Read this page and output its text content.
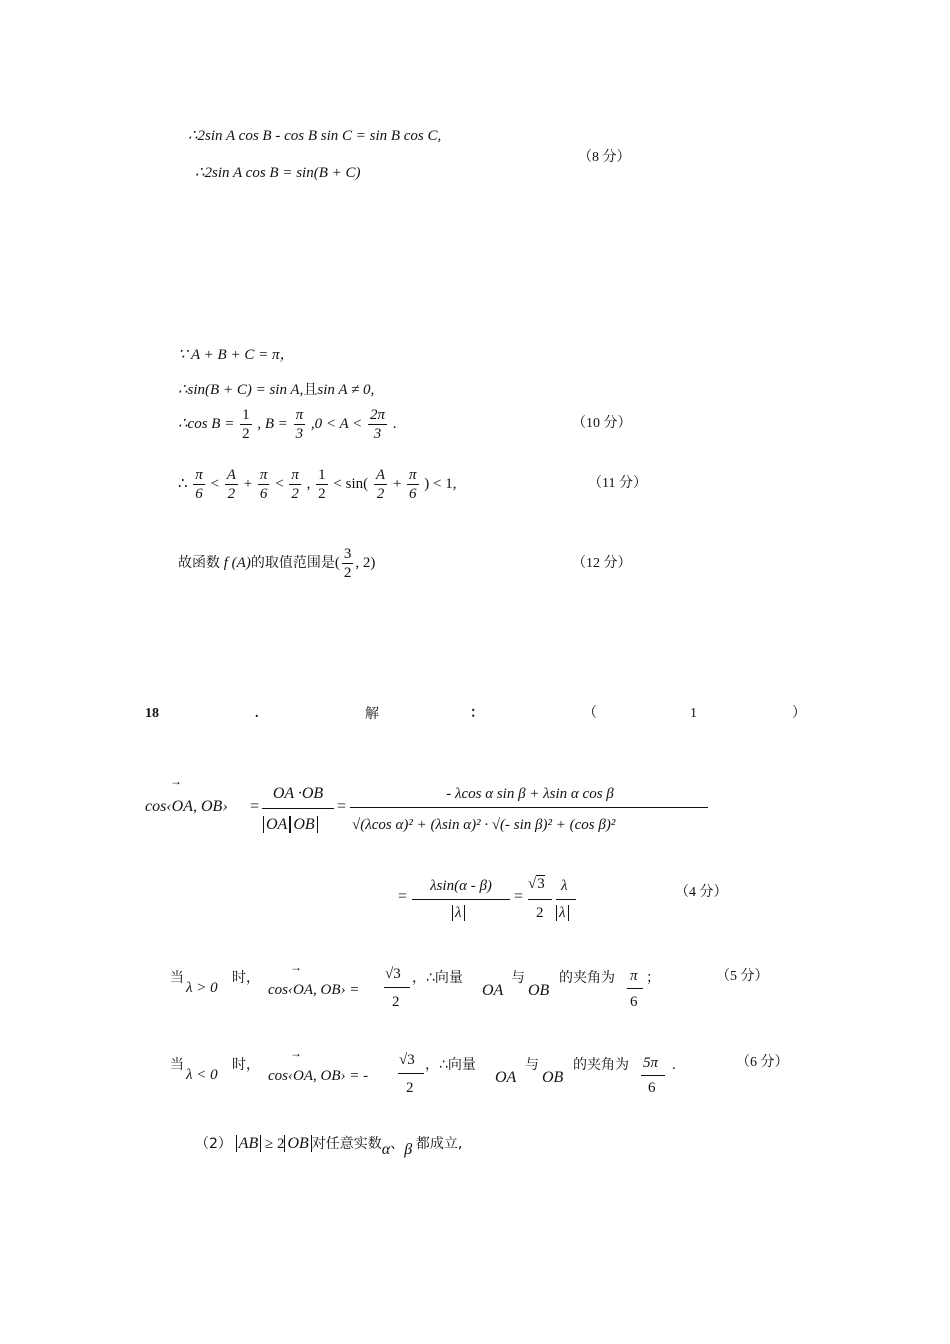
∴2sin A cos B - cos B sin C = sin B cos C,
∴2sin A cos B = sin(B + C)
（8 分）
∵ A + B + C = π，
∴sin(B + C) = sin A,且sin A ≠ 0,
∴cos $B = \frac{1}{2}$ , $B = \frac{\pi}{3} ,0 < A < \frac{2\pi}{3}$ .	（10 分）
∴ $\frac{\pi}{6} < \frac{A}{2} + \frac{\pi}{6} < \frac{\pi}{2}$ , $\frac{1}{2} < \sin( \frac{A}{2} + \frac{\pi}{6}$ ) < 1,	（11 分）
故函数 f (A)的取值范围是( $\frac{3}{2}$ , 2)	（12 分）
18	.	解	：	（	1	）
→
cos‹OA, OB› =
OA ·OB
OA OB
=
- λcos α sin β + λsin α cos β
√(λcos α)² + (λsin α)² · √(- sin β)² + (cos β)²
=
λsin(α - β)
λ
=
√3
2
λ
λ
（4 分）
当
λ > 0
时，
→
cos‹OA, OB› =
√3
2
，∴向量
OA
与
OB
的夹角为 π
6
；	（5 分）
当
λ < 0
时，
→
cos‹OA, OB› = -
√3
2
，∴向量
OA
与
OB
的夹角为 5π
6
.	（6 分）
（2） AB ≥ 2 OB 对任意实数α、β 都成立,
